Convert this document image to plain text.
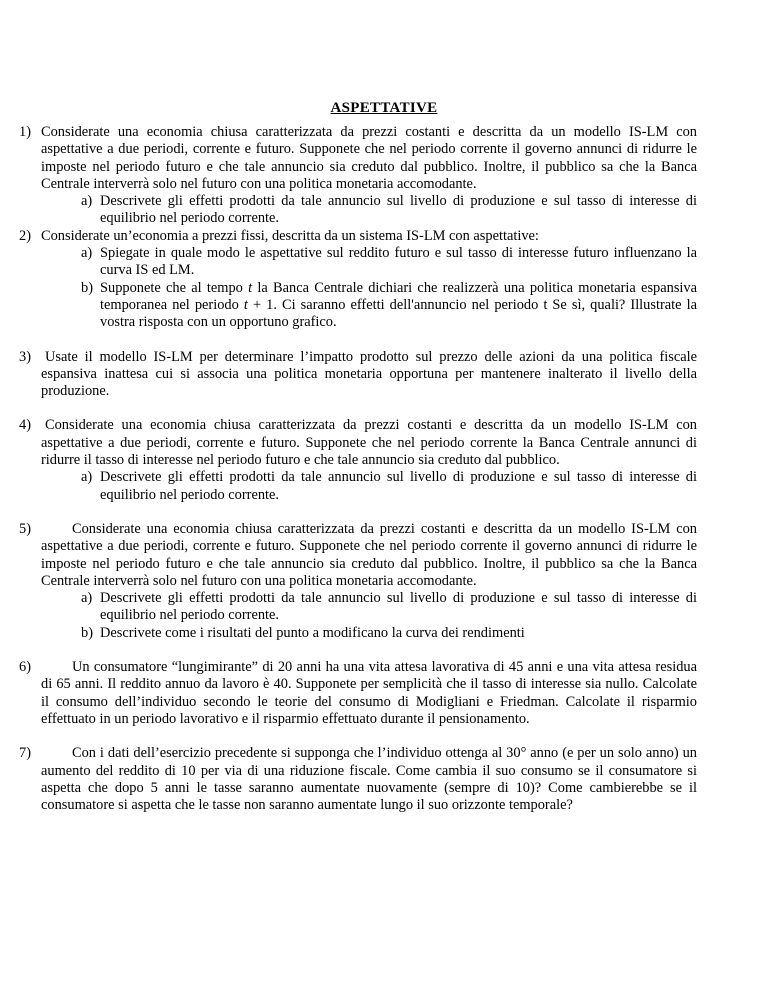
ASPETTATIVE
1) Considerate una economia chiusa caratterizzata da prezzi costanti e descritta da un modello IS-LM con aspettative a due periodi, corrente e futuro. Supponete che nel periodo corrente il governo annunci di ridurre le imposte nel periodo futuro e che tale annuncio sia creduto dal pubblico. Inoltre, il pubblico sa che la Banca Centrale interverrà solo nel futuro con una politica monetaria accomodante.

a) Descrivete gli effetti prodotti da tale annuncio sul livello di produzione e sul tasso di interesse di equilibrio nel periodo corrente.

2) Considerate un’economia a prezzi fissi, descritta da un sistema IS-LM con aspettative:

a) Spiegate in quale modo le aspettative sul reddito futuro e sul tasso di interesse futuro influenzano la curva IS ed LM.

b) Supponete che al tempo t la Banca Centrale dichiari che realizzerà una politica monetaria espansiva temporanea nel periodo t + 1. Ci saranno effetti dell'annuncio nel periodo t Se sì, quali? Illustrate la vostra risposta con un opportuno grafico.

3) Usate il modello IS-LM per determinare l’impatto prodotto sul prezzo delle azioni da una politica fiscale espansiva inattesa cui si associa una politica monetaria opportuna per mantenere inalterato il livello della produzione.

4) Considerate una economia chiusa caratterizzata da prezzi costanti e descritta da un modello IS-LM con aspettative a due periodi, corrente e futuro. Supponete che nel periodo corrente la Banca Centrale annunci di ridurre il tasso di interesse nel periodo futuro e che tale annuncio sia creduto dal pubblico.

a) Descrivete gli effetti prodotti da tale annuncio sul livello di produzione e sul tasso di interesse di equilibrio nel periodo corrente.

5)	Considerate una economia chiusa caratterizzata da prezzi costanti e descritta da un modello IS-LM con aspettative a due periodi, corrente e futuro. Supponete che nel periodo corrente il governo annunci di ridurre le imposte nel periodo futuro e che tale annuncio sia creduto dal pubblico. Inoltre, il pubblico sa che la Banca Centrale interverrà solo nel futuro con una politica monetaria accomodante.

a) Descrivete gli effetti prodotti da tale annuncio sul livello di produzione e sul tasso di interesse di equilibrio nel periodo corrente.

b) Descrivete come i risultati del punto a modificano la curva dei rendimenti

6)	Un consumatore “lungimirante” di 20 anni ha una vita attesa lavorativa di 45 anni e una vita attesa residua di 65 anni. Il reddito annuo da lavoro è 40. Supponete per semplicità che il tasso di interesse sia nullo. Calcolate il consumo dell’individuo secondo le teorie del consumo di Modigliani e Friedman. Calcolate il risparmio effettuato in un periodo lavorativo e il risparmio effettuato durante il pensionamento.

7)	Con i dati dell’esercizio precedente si supponga che l’individuo ottenga al 30° anno (e per un solo anno) un aumento del reddito di 10 per via di una riduzione fiscale. Come cambia il suo consumo se il consumatore si aspetta che dopo 5 anni le tasse saranno aumentate nuovamente (sempre di 10)? Come cambierebbe se il consumatore si aspetta che le tasse non saranno aumentate lungo il suo orizzonte temporale?
